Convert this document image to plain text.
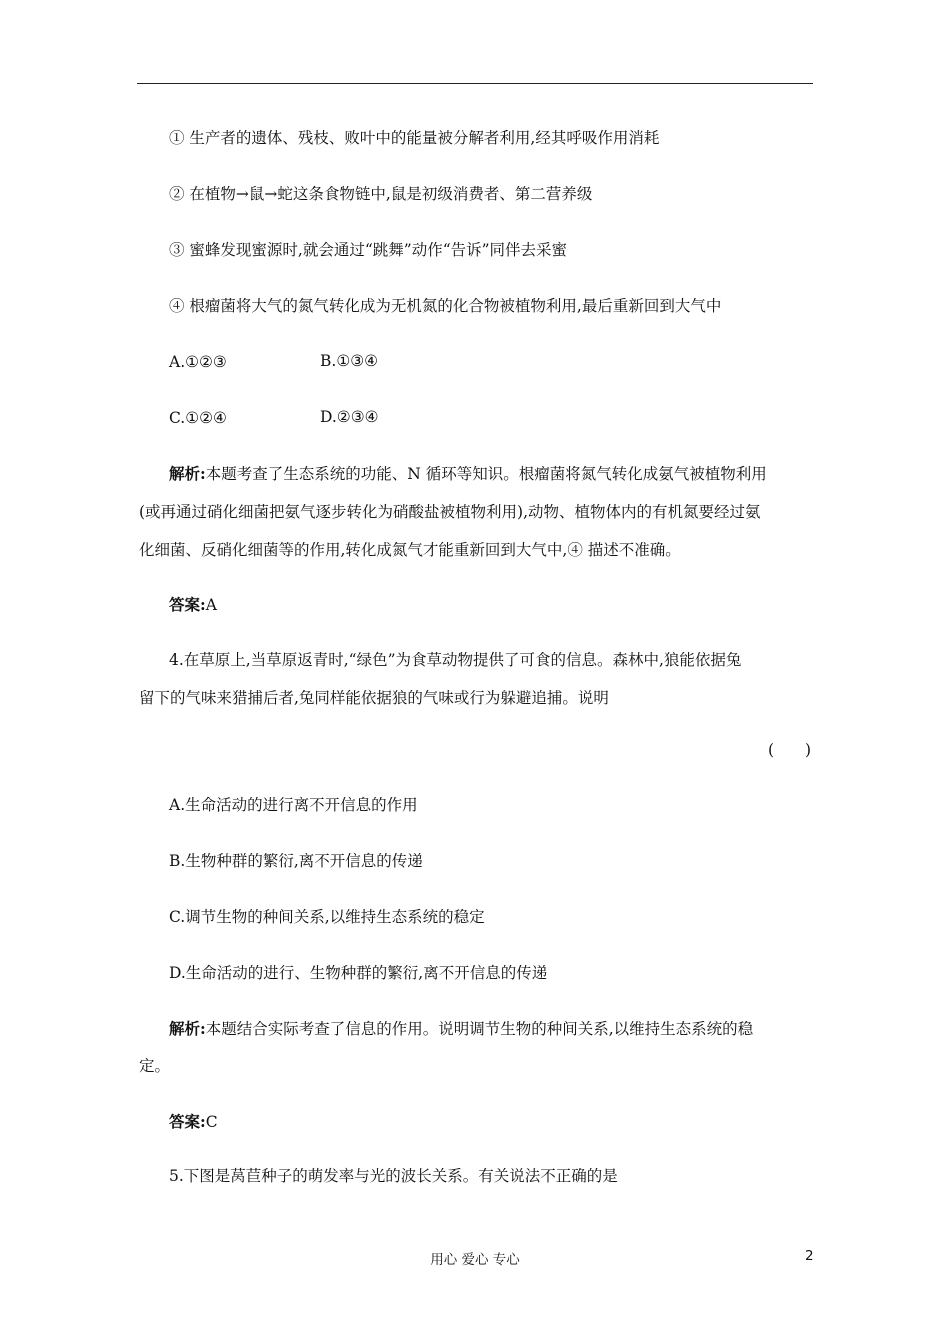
① 生产者的遗体、残枝、败叶中的能量被分解者利用,经其呼吸作用消耗
② 在植物→鼠→蛇这条食物链中,鼠是初级消费者、第二营养级
③ 蜜蜂发现蜜源时,就会通过“跳舞”动作“告诉”同伴去采蜜
④ 根瘤菌将大气的氮气转化成为无机氮的化合物被植物利用,最后重新回到大气中
A.①②③	B.①③④
C.①②④	D.②③④
解析:本题考查了生态系统的功能、N 循环等知识。根瘤菌将氮气转化成氨气被植物利用
(或再通过硝化细菌把氨气逐步转化为硝酸盐被植物利用),动物、植物体内的有机氮要经过氨
化细菌、反硝化细菌等的作用,转化成氮气才能重新回到大气中,④ 描述不准确。
答案:A
4.在草原上,当草原返青时,“绿色”为食草动物提供了可食的信息。森林中,狼能依据兔
留下的气味来猎捕后者,兔同样能依据狼的气味或行为躲避追捕。说明
(　　)
A.生命活动的进行离不开信息的作用
B.生物种群的繁衍,离不开信息的传递
C.调节生物的种间关系,以维持生态系统的稳定
D.生命活动的进行、生物种群的繁衍,离不开信息的传递
解析:本题结合实际考查了信息的作用。说明调节生物的种间关系,以维持生态系统的稳
定。
答案:C
5.下图是莴苣种子的萌发率与光的波长关系。有关说法不正确的是
用心 爱心 专心	2
